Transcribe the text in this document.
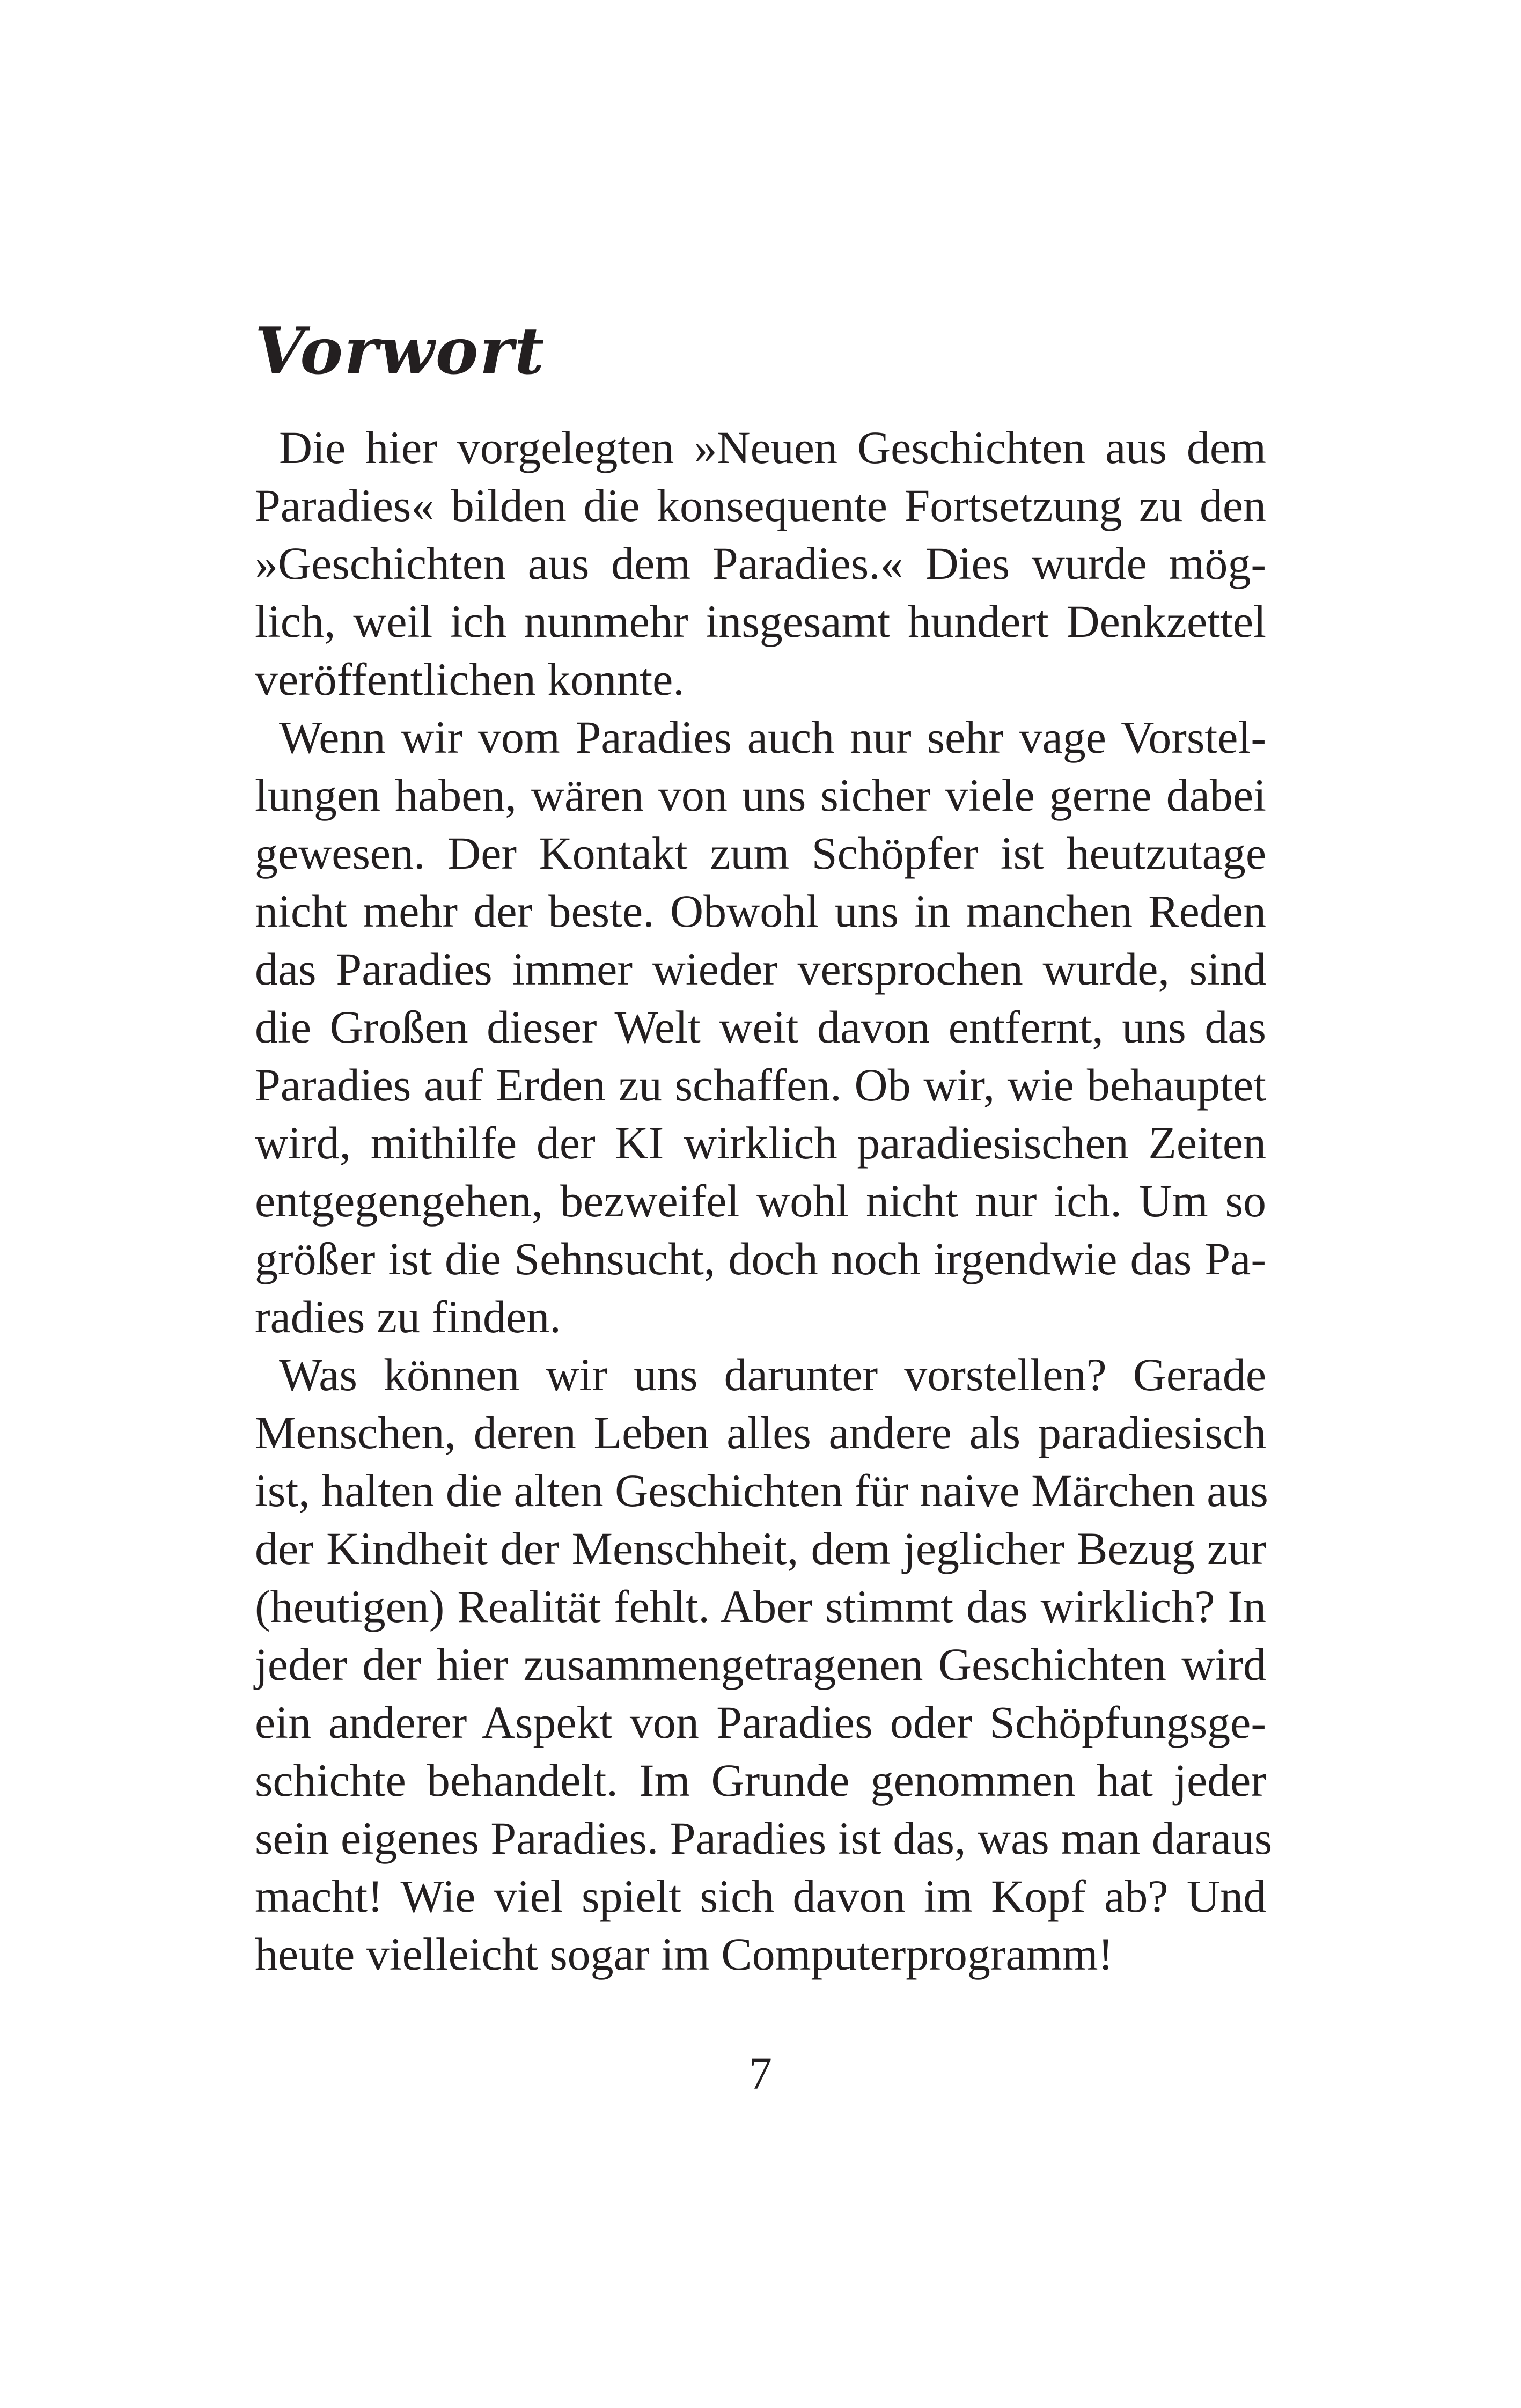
Vorwort
Die hier vorgelegten »Neuen Geschichten aus dem
Paradies« bilden die konsequente Fortsetzung zu den
»Geschichten aus dem Paradies.« Dies wurde mög-
lich, weil ich nunmehr insgesamt hundert Denkzettel
veröffentlichen konnte.
Wenn wir vom Paradies auch nur sehr vage Vorstel-
lungen haben, wären von uns sicher viele gerne dabei
gewesen. Der Kontakt zum Schöpfer ist heutzutage
nicht mehr der beste. Obwohl uns in manchen Reden
das Paradies immer wieder versprochen wurde, sind
die Großen dieser Welt weit davon entfernt, uns das
Paradies auf Erden zu schaffen. Ob wir, wie behauptet
wird, mithilfe der KI wirklich paradiesischen Zeiten
entgegengehen, bezweifel wohl nicht nur ich. Um so
größer ist die Sehnsucht, doch noch irgendwie das Pa-
radies zu finden.
Was können wir uns darunter vorstellen? Gerade
Menschen, deren Leben alles andere als paradiesisch
ist, halten die alten Geschichten für naive Märchen aus
der Kindheit der Menschheit, dem jeglicher Bezug zur
(heutigen) Realität fehlt. Aber stimmt das wirklich? In
jeder der hier zusammengetragenen Geschichten wird
ein anderer Aspekt von Paradies oder Schöpfungsge-
schichte behandelt. Im Grunde genommen hat jeder
sein eigenes Paradies. Paradies ist das, was man daraus
macht! Wie viel spielt sich davon im Kopf ab? Und
heute vielleicht sogar im Computerprogramm!
7
